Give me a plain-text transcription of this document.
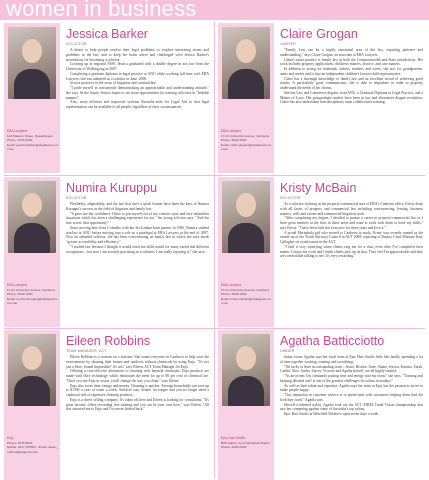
women in business
EBA Lawyers
122 Malvern Street, Queanbeyan
Phone: 6126 1200
Email: jessica.barker@ebalawyers.com.au
Jessica Barker
SOLICITOR

A desire to help people resolve their legal problems, to explore interesting issues and problems in the law, and to keep her brain active and challenged were Jessica Barker's motivations for becoming a solicitor.

Growing up in regional NSW, Jessica graduated with a double degree in arts law from the University of Wollongong in 2007.

Completing a graduate diploma in legal practice at ANU while working full-time with EBA Lawyers, she was admitted as a solicitor in June, 2008.

Jessica practices in the areas of litigation and criminal law.

"I pride myself in consistently demonstrating an approachable and understanding attitude," she says. In the future, Jessica hopes to see more opportunities for training solicitors in "bedside manner".

Also, more efficient and improved systems Australia-wide for Legal Aid so that legal representation can be available to all people, regardless of their circumstances.

EBA Lawyers
17-21 University Avenue, Canberra
Phone: 6208 1900
Email: claire.grogan@ebalawyers.com.au
Claire Grogan
LAWYER

"Family Law can be a highly emotional area of the law, requiring patience and understanding," says Claire Grogan, an associate at EBA Lawyers.

Claire's main practice is family law in both the Commonwealth and State jurisdictions. Her work includes property applications, children's matters, divorce, and care matters.

In addition to acting for husbands, fathers, mothers and wives, she acts for grandparents, aunts and uncles and is also an independent children's lawyer/child representative.

Claire has a thorough knowledge of family law and an excellent record of achieving good results. A particularly good communicator, she is able to empathise in order to properly understand the needs of her clients.

She has Law and Commerce degrees from ANU, a Graduate Diploma in Legal Practice, and a Master of Laws. Her postgraduate studies have been in law and alternative dispute resolution. Claire has also undertaken interdisciplinary team collaborative training.

EBA Lawyers
17-21 University Avenue, Canberra
Phone: 6208 1900
Email: numira.kuruppu@ebalawyers.com.au
Numira Kuruppu
SOLICITOR

Flexibility, adaptability, and the fact that she's a quick learner have been the keys to Numira Kuruppu's success in the field of litigation and family law.

"It gave me the confidence I have to put myself out of my comfort zone and face unfamiliar situations which has been a challenging experience for me," the young solicitor says. "And the true secret: that opportunity."

Since moving here from Colombo with her Sri Lankan-born parents in 1986, Numira studied arts/law at ANU before moving into a role as a paralegal at EBA Lawyers at the end of 2007. Now an admitted solicitor, she has been concentrating on family law in which she says needs "greater accessibility and efficiency."

"I studied law because I thought it would teach me skills useful for many varied and different occupations – but now I am actually practising as a solicitor, I am really enjoying it," she says.

EBA Lawyers
17-21 University Avenue, Canberra
Phone: 6208 1900
Email: kristy.mcbain@ebalawyers.com.au
Kristy McBain
SOLICITOR

As a solicitor working in the property/commercial area of EBA's Canberra office, Kristy deals with all facets of property and commercial law including conveyancing, leasing, business matters, wills and estates and commercial litigation work.

"After completing my degree, I decided to pursue a career in property/commercial law as I have great mentors in the firm in these areas and want to work with them to hone my skills," says Kristy. "I have been with this firm now for three years and love it."

A proud Merimbula girl who moved to Canberra to study, Kristy was recently named as the runner-up of the Youth Advisory Council in ACT 2008, reporting to Deputy Chief Minister Katy Gallagher on youth issues in the ACT.

"I find it very satisfying when clients ring me for a chat, even after I've completed their matter. I enjoy my work and I think clients pick up on that. They feel I'm approachable and they are comfortable talking to me. It's very rewarding."

Enjo
Phone: 6255 9843
Mobile: 0417 333563 · Email: eileen_robbins@bigpond.com
Eileen Robbins
TEAM MANAGER, ACT

Eileen Robbins is a woman on a mission. She wants everyone in Canberra to help save the environment by cleaning their homes and outdoors without chemicals by using Enjo. "It's not just a fibre; Sound impossible? It's not," says Eileen, ACT Team Manager for Enjo.

Offering a cost-effective alternative to cleaning with harmful chemicals, Enjo products are made with fibre technology which eliminates the need for up to 90 per cent of chemical use. "Once you use Enjo in action, you'll change the way you clean," says Eileen.

Enjo also saves time, energy and money. Cleaning is quicker. Average households can save up to $1300 a year of water a week. Surfaces stay cleaner for longer and you no longer need a cupboard full of expensive cleaning products.

Enjo is a direct selling company. It's taken off here and Eileen is looking for consultants. "It's great income, offers rewarding free training and you can be your own boss," says Eileen. "All this attracted me to Enjo and I've never looked back."

Epic Hair Studio
B06 Gallery Court Westfield Woden
Phone: 6282 8436
Agatha Batticciotto
OWNER

Salon owner Agatha says her loyal team at Epic Hair Studio feels like family, spending a lot of time together working, training and socialising.

"I'm lucky to have an outstanding team – Jessie, Brooke, Josie, Shane, Jessica, Katrina, Sarah, Caitlin, Alex, Audra, Stacey, Victoria and Agatha herself, are all highly trained.

"As an owner, I'm constantly putting time and energy into my team," she says. "Training and keeping talented staff is one of the greatest challenges for salons nowadays."

As well as their talent and expertise, Agatha says her team at Epic has the passion to strive to make people happy.

"Our reputation in customer service is to spend time with customers helping them find the look they want," Agatha says.

Herself a talented stylist, Agatha took out the ACT AHHA Trend Vision championship that saw her competing against some of Australia's top salons.

Epic Hair Studio at Westfield Woden is open seven days a week.
